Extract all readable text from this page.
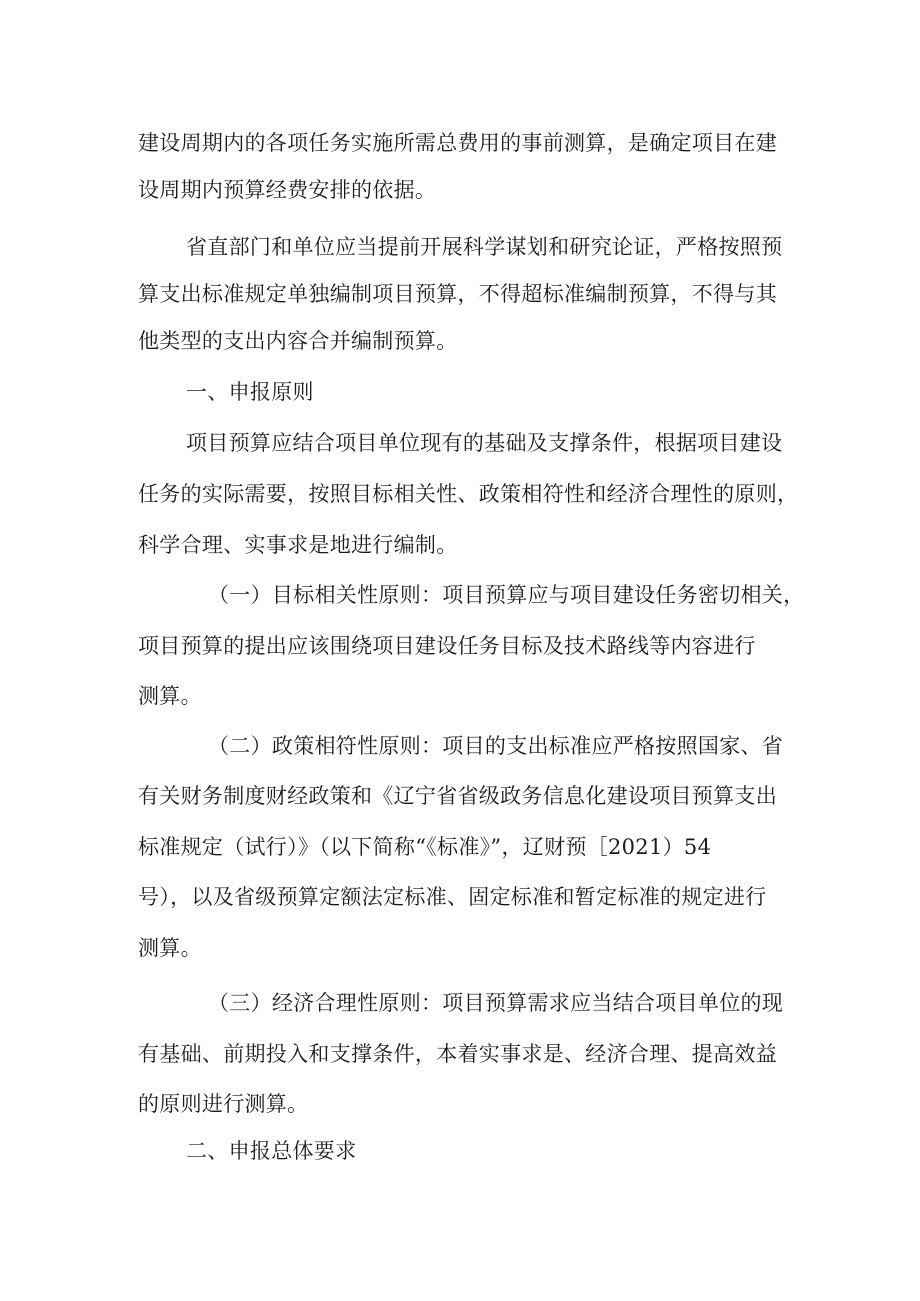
建设周期内的各项任务实施所需总费用的事前测算，是确定项目在建
设周期内预算经费安排的依据。
省直部门和单位应当提前开展科学谋划和研究论证，严格按照预
算支出标准规定单独编制项目预算，不得超标准编制预算，不得与其
他类型的支出内容合并编制预算。
一、申报原则
项目预算应结合项目单位现有的基础及支撑条件，根据项目建设
任务的实际需要，按照目标相关性、政策相符性和经济合理性的原则，
科学合理、实事求是地进行编制。
（一）目标相关性原则：项目预算应与项目建设任务密切相关，
项目预算的提出应该围绕项目建设任务目标及技术路线等内容进行
测算。
（二）政策相符性原则：项目的支出标准应严格按照国家、省
有关财务制度财经政策和《辽宁省省级政务信息化建设项目预算支出
标准规定（试行）》（以下简称“《标准》”，辽财预［2021）54
号），以及省级预算定额法定标准、固定标准和暂定标准的规定进行
测算。
（三）经济合理性原则：项目预算需求应当结合项目单位的现
有基础、前期投入和支撑条件，本着实事求是、经济合理、提高效益
的原则进行测算。
二、申报总体要求
